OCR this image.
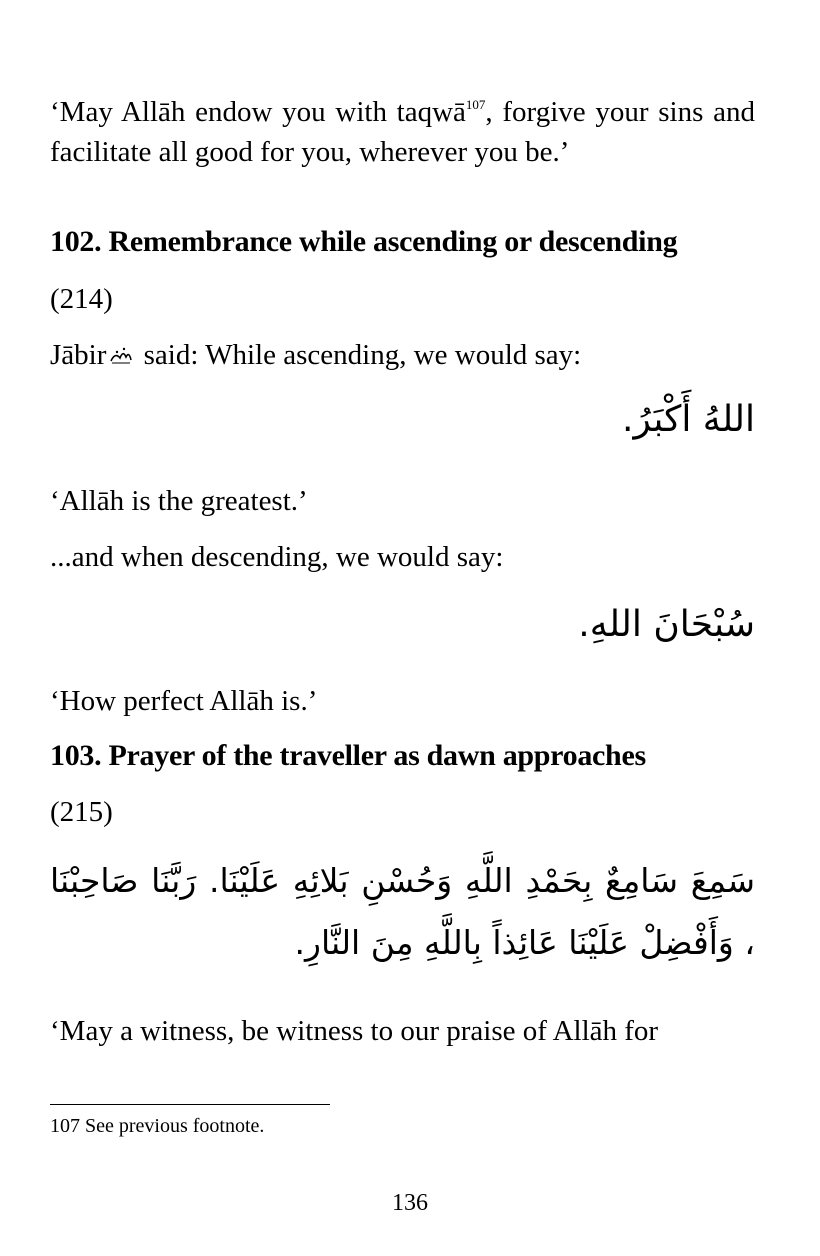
‘May Allāh endow you with taqwā$^{107}$, forgive your sins and facilitate all good for you, wherever you be.’

102. Remembrance while ascending or descending

(214)

Jābir said: While ascending, we would say:

اللهُ أَكْبَرُ.

‘Allāh is the greatest.’

...and when descending, we would say:

سُبْحَانَ اللهِ.

‘How perfect Allāh is.’

103. Prayer of the traveller as dawn approaches

(215)

سَمِعَ سَامِعٌ بِحَمْدِ اللَّهِ وَحُسْنِ بَلائِهِ عَلَيْنَا. رَبَّنَا صَاحِبْنَا ، وَأَفْضِلْ عَلَيْنَا عَائِذاً بِاللَّهِ مِنَ النَّارِ.

‘May a witness, be witness to our praise of Allāh for

107 See previous footnote.
136
